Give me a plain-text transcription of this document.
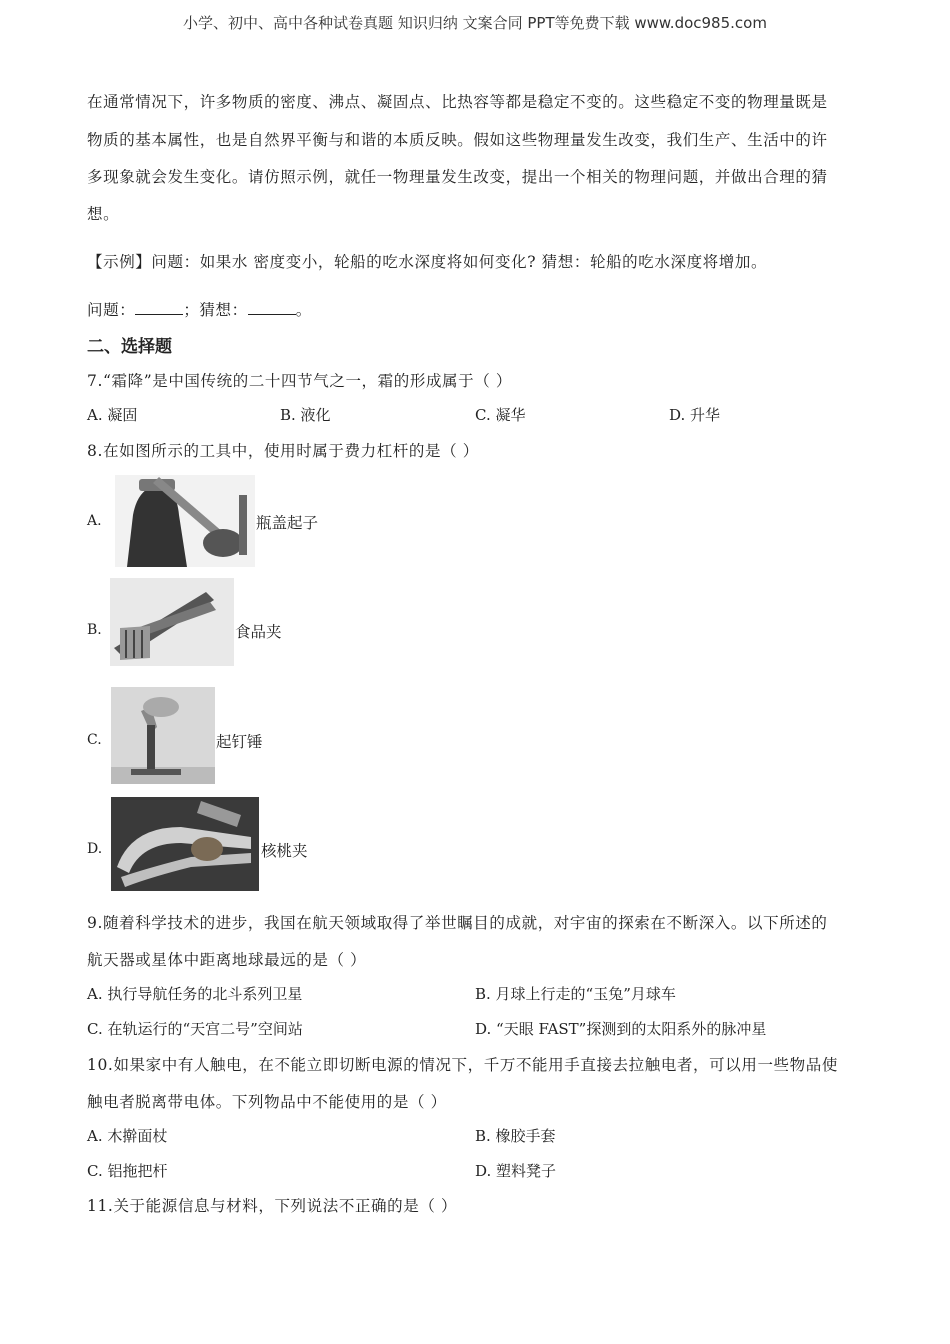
小学、初中、高中各种试卷真题 知识归纳 文案合同 PPT等免费下载 www.doc985.com
在通常情况下，许多物质的密度、沸点、凝固点、比热容等都是稳定不变的。这些稳定不变的物理量既是
物质的基本属性，也是自然界平衡与和谐的本质反映。假如这些物理量发生改变，我们生产、生活中的许
多现象就会发生变化。请仿照示例，就任一物理量发生改变，提出一个相关的物理问题，并做出合理的猜
想。
【示例】问题：如果水 密度变小，轮船的吃水深度将如何变化? 猜想：轮船的吃水深度将增加。
问题：	；猜想：	。
二、选择题
7.“霜降”是中国传统的二十四节气之一，霜的形成属于（ ）
A. 凝固	B. 液化	C. 凝华	D. 升华
8.在如图所示的工具中，使用时属于费力杠杆的是（ ）
A.	瓶盖起子
B.	食品夹
C.	起钉锤
D.	核桃夹
9.随着科学技术的进步，我国在航天领域取得了举世瞩目的成就，对宇宙的探索在不断深入。以下所述的
航天器或星体中距离地球最远的是（ ）
A. 执行导航任务的北斗系列卫星	B. 月球上行走的“玉兔”月球车
C. 在轨运行的“天宫二号”空间站	D. “天眼 FAST”探测到的太阳系外的脉冲星
10.如果家中有人触电，在不能立即切断电源的情况下，千万不能用手直接去拉触电者，可以用一些物品使
触电者脱离带电体。下列物品中不能使用的是（ ）
A. 木擀面杖	B. 橡胶手套
C. 铝拖把杆	D. 塑料凳子
11.关于能源信息与材料，下列说法不正确的是（ ）
